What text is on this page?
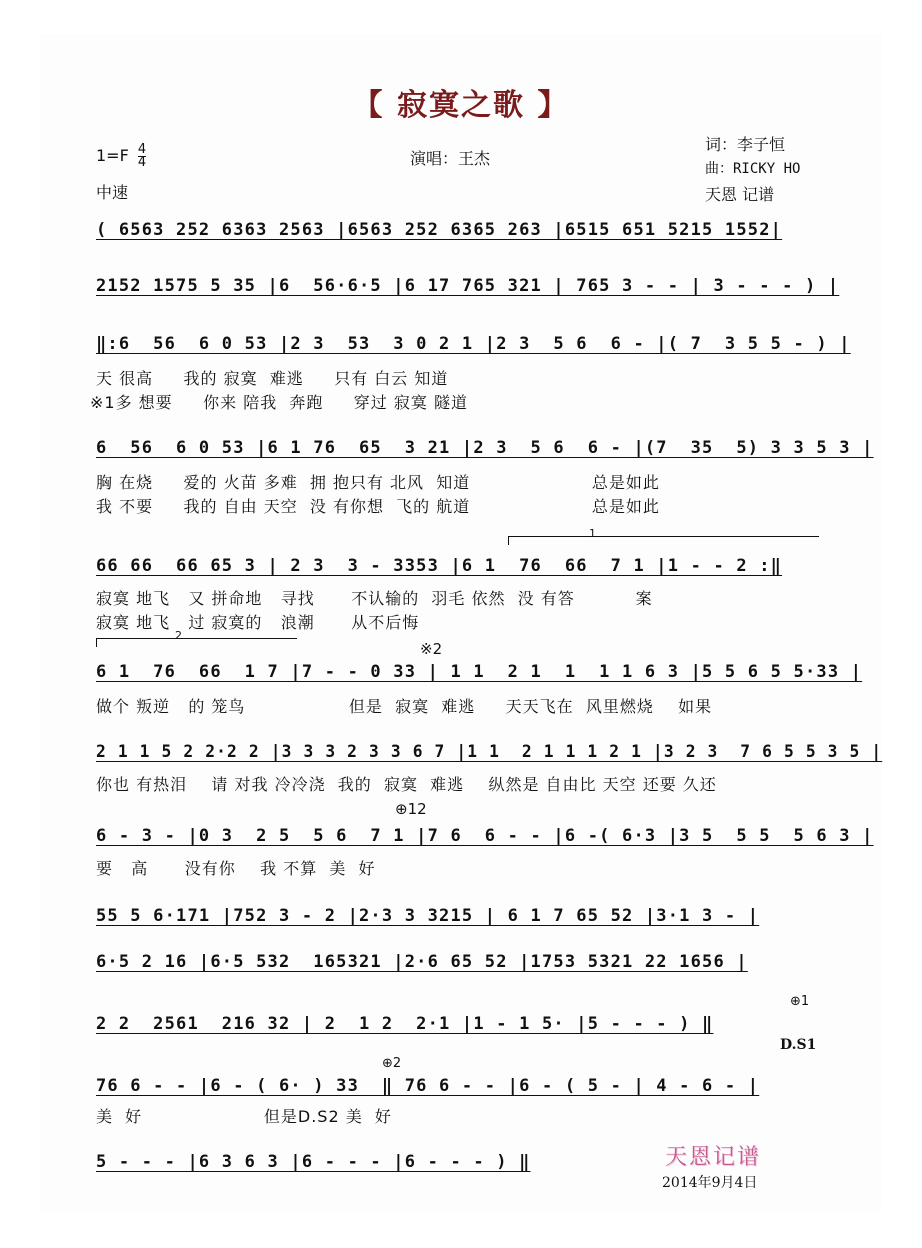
【 寂寞之歌 】
$1=F \frac{4}{4}$
中速
演唱：王杰
词：李子恒
曲：RICKY HO
天恩 记谱
( 6563 252 6363 2563 |6563 252 6365 263 |6515 651 5215 1552|
2152 1575 5 35 |6  56·6·5 |6 17 765 321 | 765 3 - - | 3 - - - ) |
‖:6  56  6 0 53 |2 3  53  3 0 2 1 |2 3  5 6  6 - |( 7  3 5 5 - ) |
天 很高     我的 寂寞  难逃     只有 白云 知道
※1多 想要     你来 陪我  奔跑     穿过 寂寞 隧道
6  56  6 0 53 |6 1 76  65  3 21 |2 3  5 6  6 - |(7  35  5) 3 3 5 3 |
胸 在烧     爱的 火苗 多难  拥 抱只有 北风  知道                    总是如此
我 不要     我的 自由 天空  没 有你想  飞的 航道                    总是如此
1
66 66  66 65 3 | 2 3  3 - 3353 |6 1  76  66  7 1 |1 - - 2 :‖
寂寞 地飞   又 拼命地   寻找      不认输的  羽毛 依然  没 有答          案
寂寞 地飞   过 寂寞的   浪潮      从不后悔
2
※2
6 1  76  66  1 7 |7 - - 0 33 | 1 1  2 1  1  1 1 6 3 |5 5 6 5 5·33 |
做个 叛逆   的 笼鸟                 但是  寂寞  难逃     天天飞在  风里燃烧    如果
2 1 1 5 2 2·2 2 |3 3 3 2 3 3 6 7 |1 1  2 1 1 1 2 1 |3 2 3  7 6 5 5 3 5 |
你也 有热泪    请 对我 冷冷浇  我的  寂寞  难逃    纵然是 自由比 天空 还要 久还
⊕12
6 - 3 - |0 3  2 5  5 6  7 1 |7 6  6 - - |6 -( 6·3 |3 5  5 5  5 6 3 |
要   高      没有你    我 不算  美  好
55 5 6·171 |752 3 - 2 |2·3 3 3215 | 6 1 7 65 52 |3·1 3 - |
6·5 2 16 |6·5 532  165321 |2·6 65 52 |1753 5321 22 1656 |
⊕1
2 2  2561  216 32 | 2  1 2  2·1 |1 - 1 5· |5 - - - ) ‖
D.S1
⊕2
76 6 - - |6 - ( 6· ) 33  ‖ 76 6 - - |6 - ( 5 - | 4 - 6 - |
美  好                    但是D.S2 美  好
5 - - - |6 3 6 3 |6 - - - |6 - - - ) ‖	天恩记谱
2014年9月4日
